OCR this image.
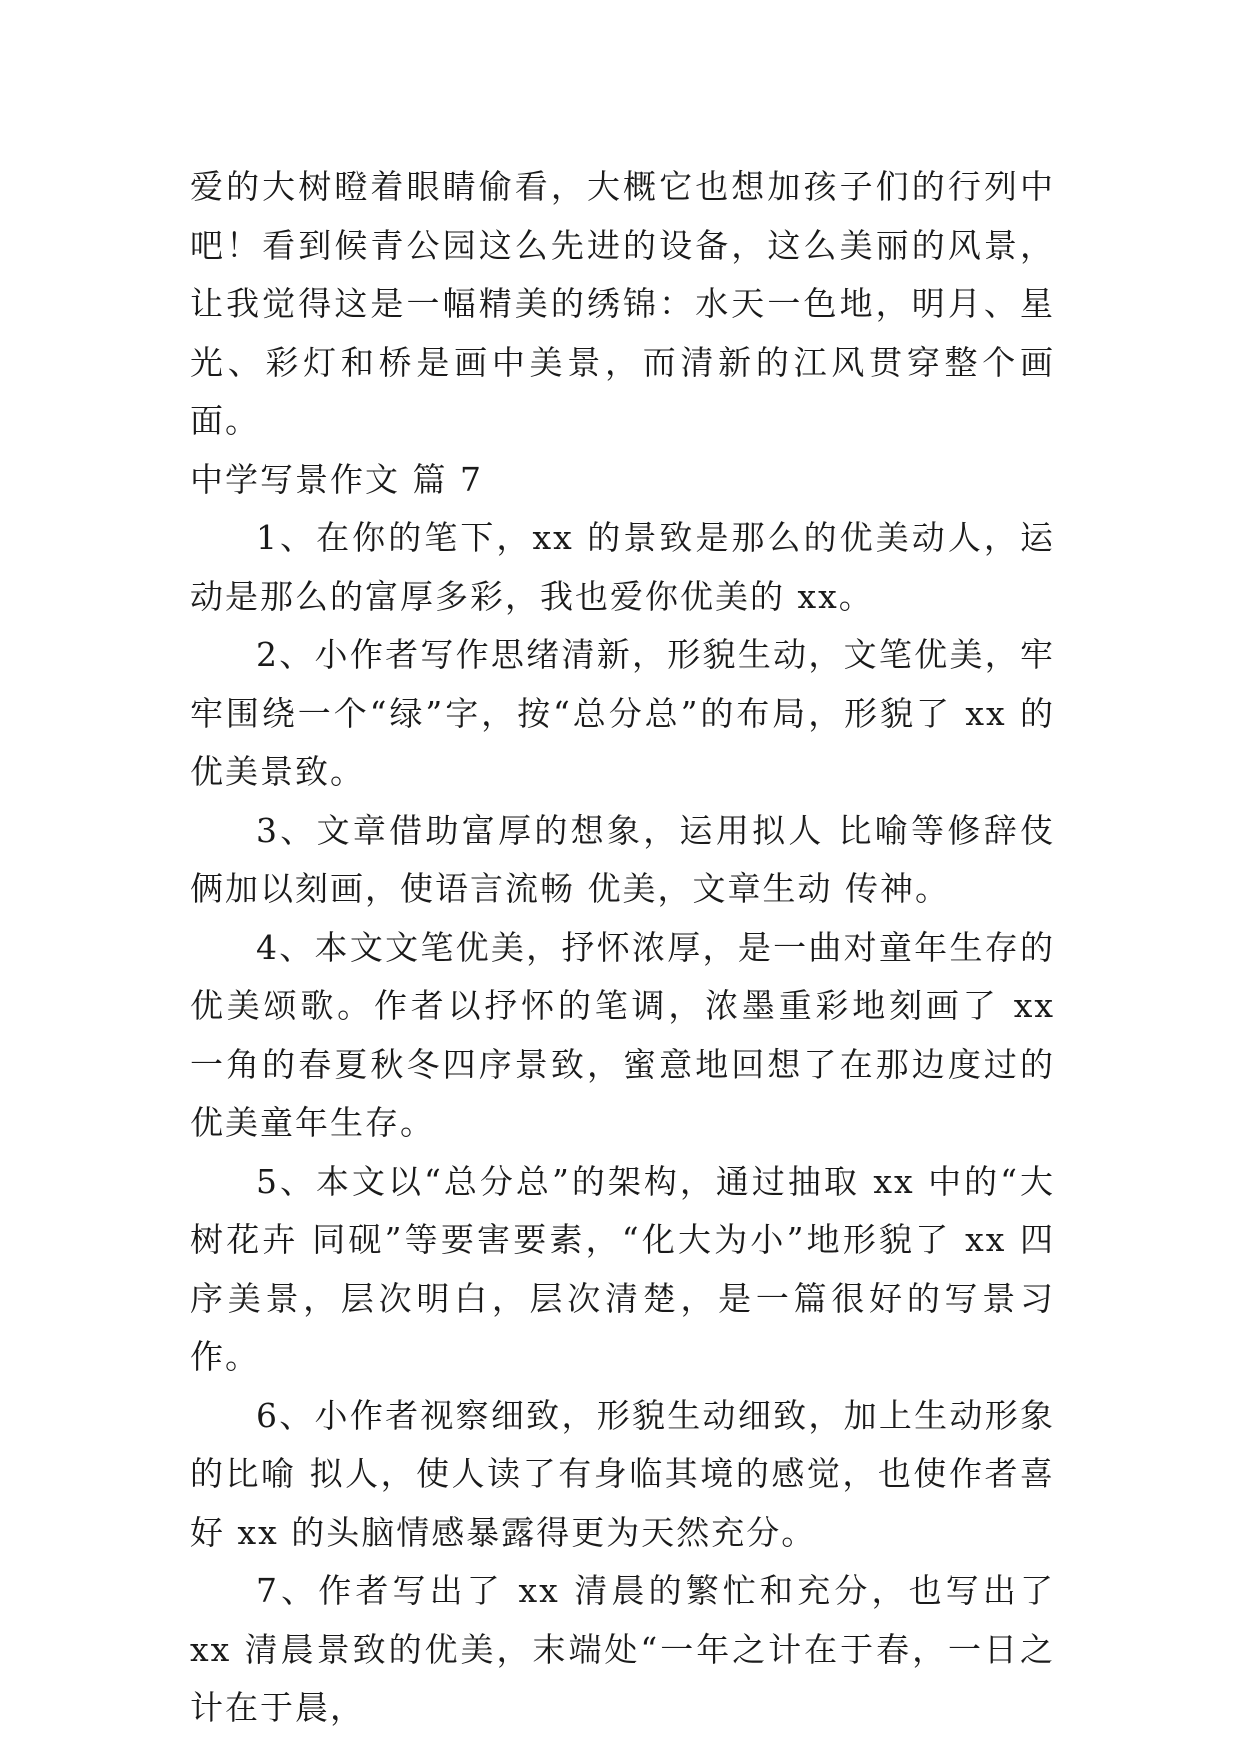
爱的大树瞪着眼睛偷看，大概它也想加孩子们的行列中吧！看到候青公园这么先进的设备，这么美丽的风景，让我觉得这是一幅精美的绣锦：水天一色地，明月、星光、彩灯和桥是画中美景，而清新的江风贯穿整个画面。

中学写景作文 篇 7

1、在你的笔下，xx 的景致是那么的优美动人，运动是那么的富厚多彩，我也爱你优美的 xx。

2、小作者写作思绪清新，形貌生动，文笔优美，牢牢围绕一个“绿”字，按“总分总”的布局，形貌了 xx 的优美景致。

3、文章借助富厚的想象，运用拟人 比喻等修辞伎俩加以刻画，使语言流畅 优美，文章生动 传神。

4、本文文笔优美，抒怀浓厚，是一曲对童年生存的优美颂歌。作者以抒怀的笔调，浓墨重彩地刻画了 xx 一角的春夏秋冬四序景致，蜜意地回想了在那边度过的优美童年生存。

5、本文以“总分总”的架构，通过抽取 xx 中的“大树花卉 同砚”等要害要素，“化大为小”地形貌了 xx 四序美景，层次明白，层次清楚，是一篇很好的写景习作。

6、小作者视察细致，形貌生动细致，加上生动形象的比喻 拟人，使人读了有身临其境的感觉，也使作者喜好 xx 的头脑情感暴露得更为天然充分。

7、作者写出了 xx 清晨的繁忙和充分，也写出了 xx 清晨景致的优美，末端处“一年之计在于春，一日之计在于晨，
